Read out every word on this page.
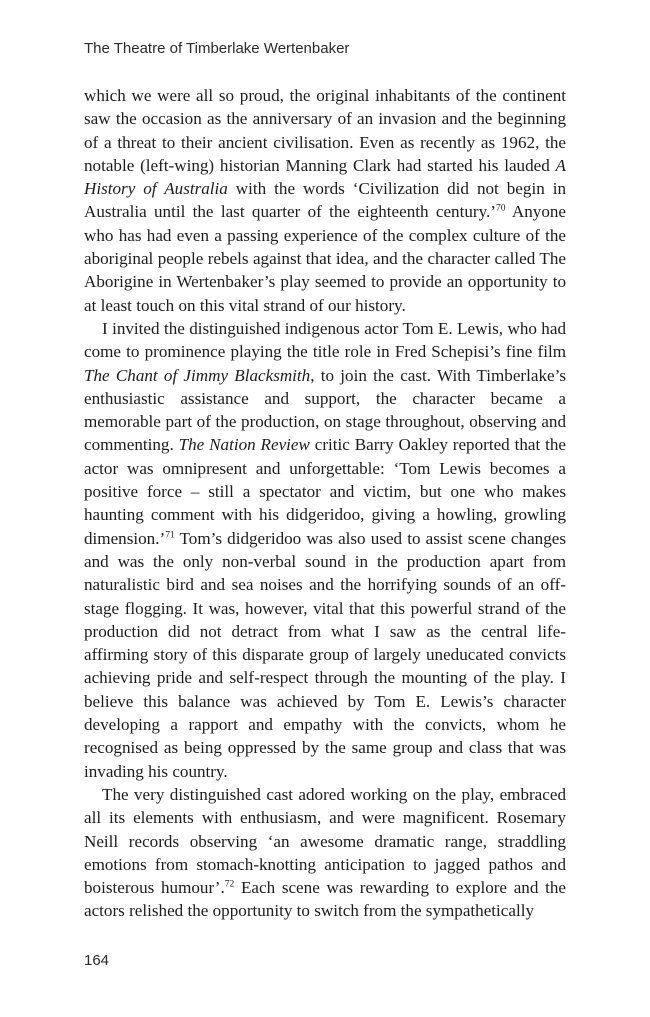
The Theatre of Timberlake Wertenbaker

which we were all so proud, the original inhabitants of the continent saw the occasion as the anniversary of an invasion and the beginning of a threat to their ancient civilisation. Even as recently as 1962, the notable (left-wing) historian Manning Clark had started his lauded A History of Australia with the words ‘Civilization did not begin in Australia until the last quarter of the eighteenth century.’$^{70}$ Anyone who has had even a passing experience of the complex culture of the aboriginal people rebels against that idea, and the character called The Aborigine in Wertenbaker’s play seemed to provide an opportunity to at least touch on this vital strand of our history.

I invited the distinguished indigenous actor Tom E. Lewis, who had come to prominence playing the title role in Fred Schepisi’s fine film The Chant of Jimmy Blacksmith, to join the cast. With Timberlake’s enthusiastic assistance and support, the character became a memorable part of the production, on stage throughout, observing and commenting. The Nation Review critic Barry Oakley reported that the actor was omnipresent and unforgettable: ‘Tom Lewis becomes a positive force – still a spectator and victim, but one who makes haunting comment with his didgeridoo, giving a howling, growling dimension.’$^{71}$ Tom’s didgeridoo was also used to assist scene changes and was the only non-verbal sound in the production apart from naturalistic bird and sea noises and the horrifying sounds of an off-stage flogging. It was, however, vital that this powerful strand of the production did not detract from what I saw as the central life-affirming story of this disparate group of largely uneducated convicts achieving pride and self-respect through the mounting of the play. I believe this balance was achieved by Tom E. Lewis’s character developing a rapport and empathy with the convicts, whom he recognised as being oppressed by the same group and class that was invading his country.

The very distinguished cast adored working on the play, embraced all its elements with enthusiasm, and were magnificent. Rosemary Neill records observing ‘an awesome dramatic range, straddling emotions from stomach-knotting anticipation to jagged pathos and boisterous humour’.$^{72}$ Each scene was rewarding to explore and the actors relished the opportunity to switch from the sympathetically

164
